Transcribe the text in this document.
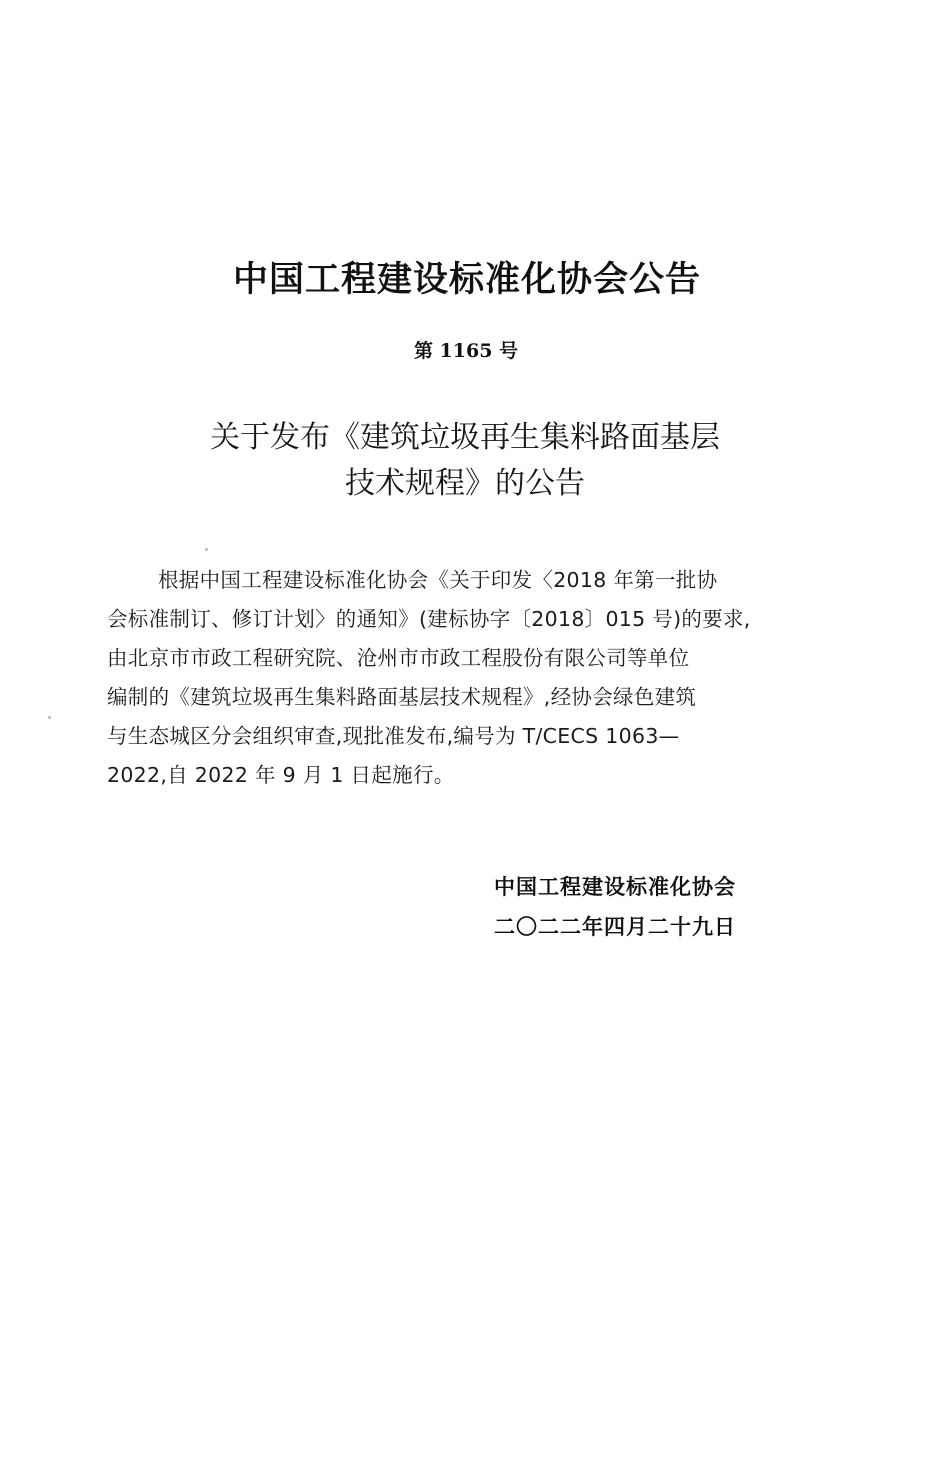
中国工程建设标准化协会公告
第 1165 号
关于发布《建筑垃圾再生集料路面基层
技术规程》的公告
根据中国工程建设标准化协会《关于印发〈2018 年第一批协
会标准制订、修订计划〉的通知》(建标协字〔2018〕015 号)的要求,
由北京市市政工程研究院、沧州市市政工程股份有限公司等单位
编制的《建筑垃圾再生集料路面基层技术规程》,经协会绿色建筑
与生态城区分会组织审查,现批准发布,编号为 T/CECS 1063—
2022,自 2022 年 9 月 1 日起施行。
中国工程建设标准化协会
二〇二二年四月二十九日
